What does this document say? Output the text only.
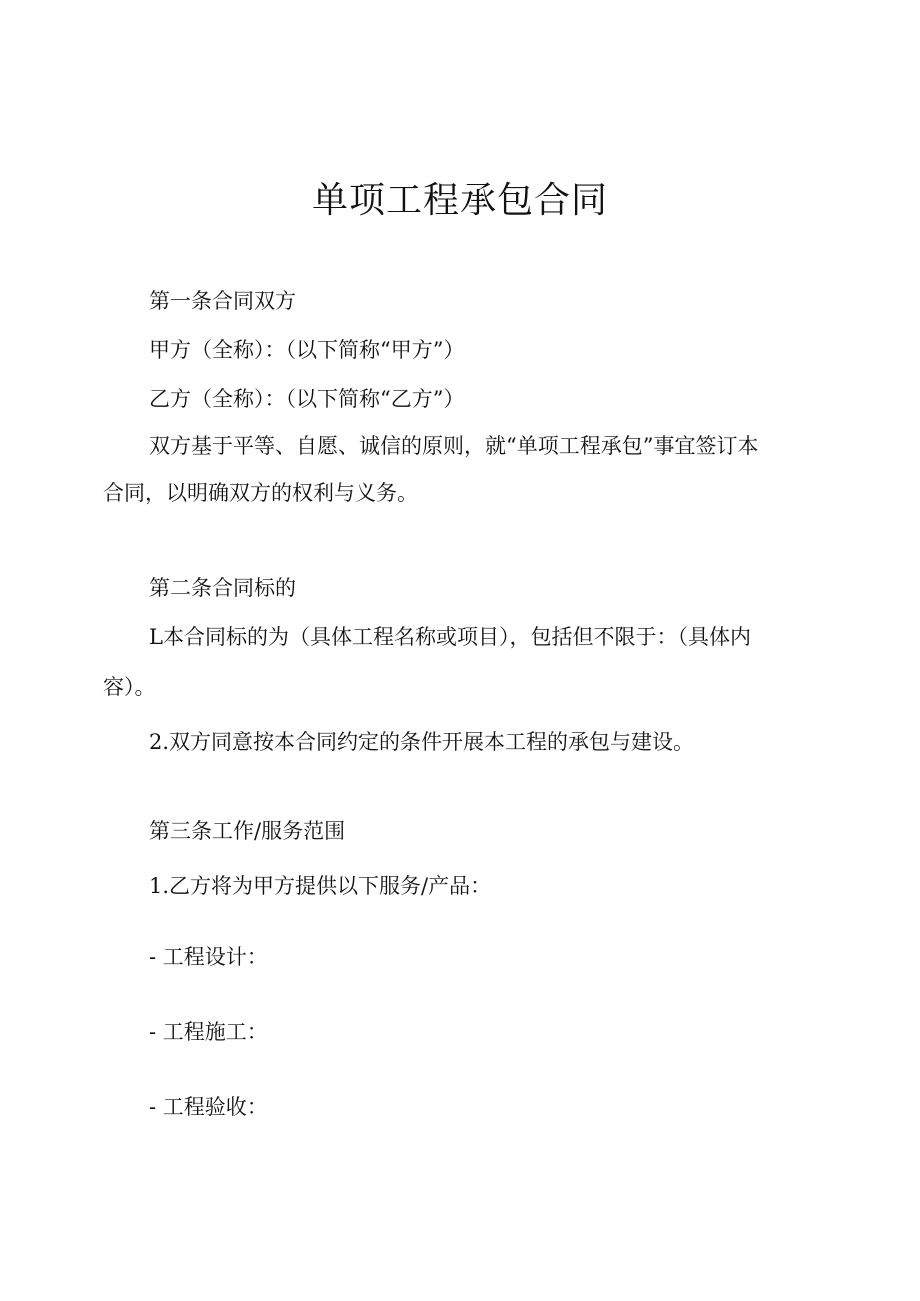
单项工程承包合同

第一条合同双方

甲方（全称）：（以下简称“甲方”）

乙方（全称）：（以下简称“乙方”）

双方基于平等、自愿、诚信的原则，就“单项工程承包”事宜签订本

合同，以明确双方的权利与义务。

第二条合同标的

L本合同标的为（具体工程名称或项目），包括但不限于：（具体内

容）。

2.双方同意按本合同约定的条件开展本工程的承包与建设。

第三条工作/服务范围

1.乙方将为甲方提供以下服务/产品：

- 工程设计：

- 工程施工：

- 工程验收：
